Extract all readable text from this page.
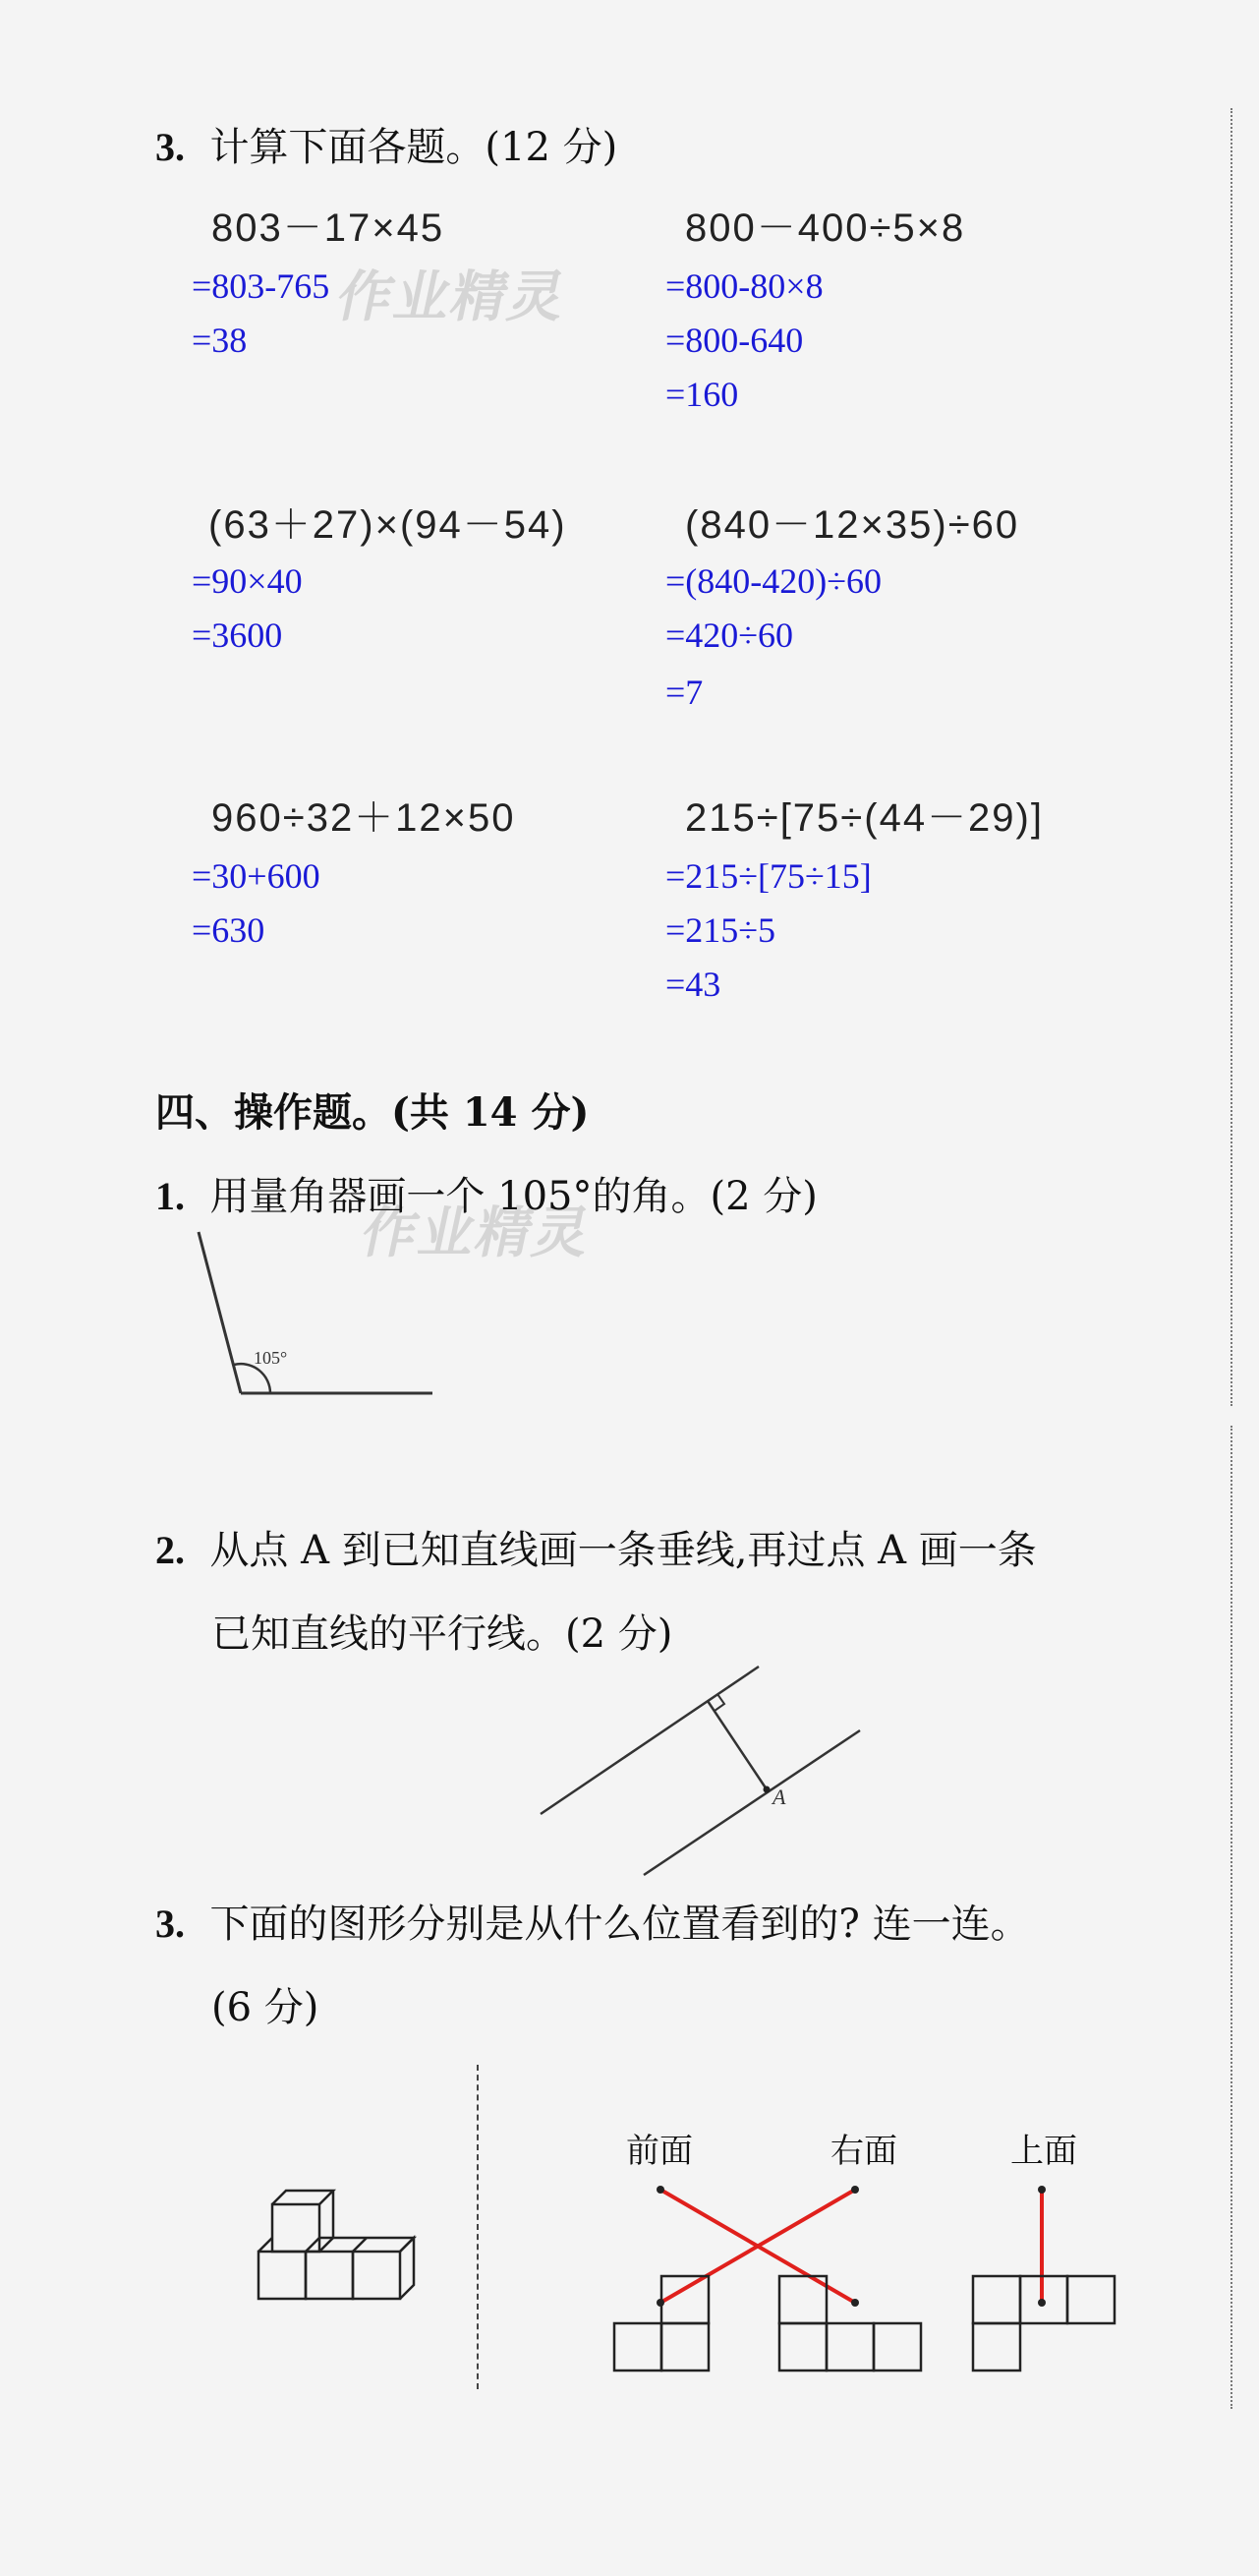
3. 计算下面各题。(12 分)
803－17×45
=803-765
=38
800－400÷5×8
=800-80×8
=800-640
=160
(63＋27)×(94－54)
=90×40
=3600
(840－12×35)÷60
=(840-420)÷60
=420÷60
=7
960÷32＋12×50
=30+600
=630
215÷[75÷(44－29)]
=215÷[75÷15]
=215÷5
=43
作业精灵
作业精灵
四、操作题。(共 14 分)
1. 用量角器画一个 105°的角。(2 分)
105°
2. 从点 A 到已知直线画一条垂线,再过点 A 画一条
已知直线的平行线。(2 分)
A
3. 下面的图形分别是从什么位置看到的? 连一连。
(6 分)
前面	右面	上面
